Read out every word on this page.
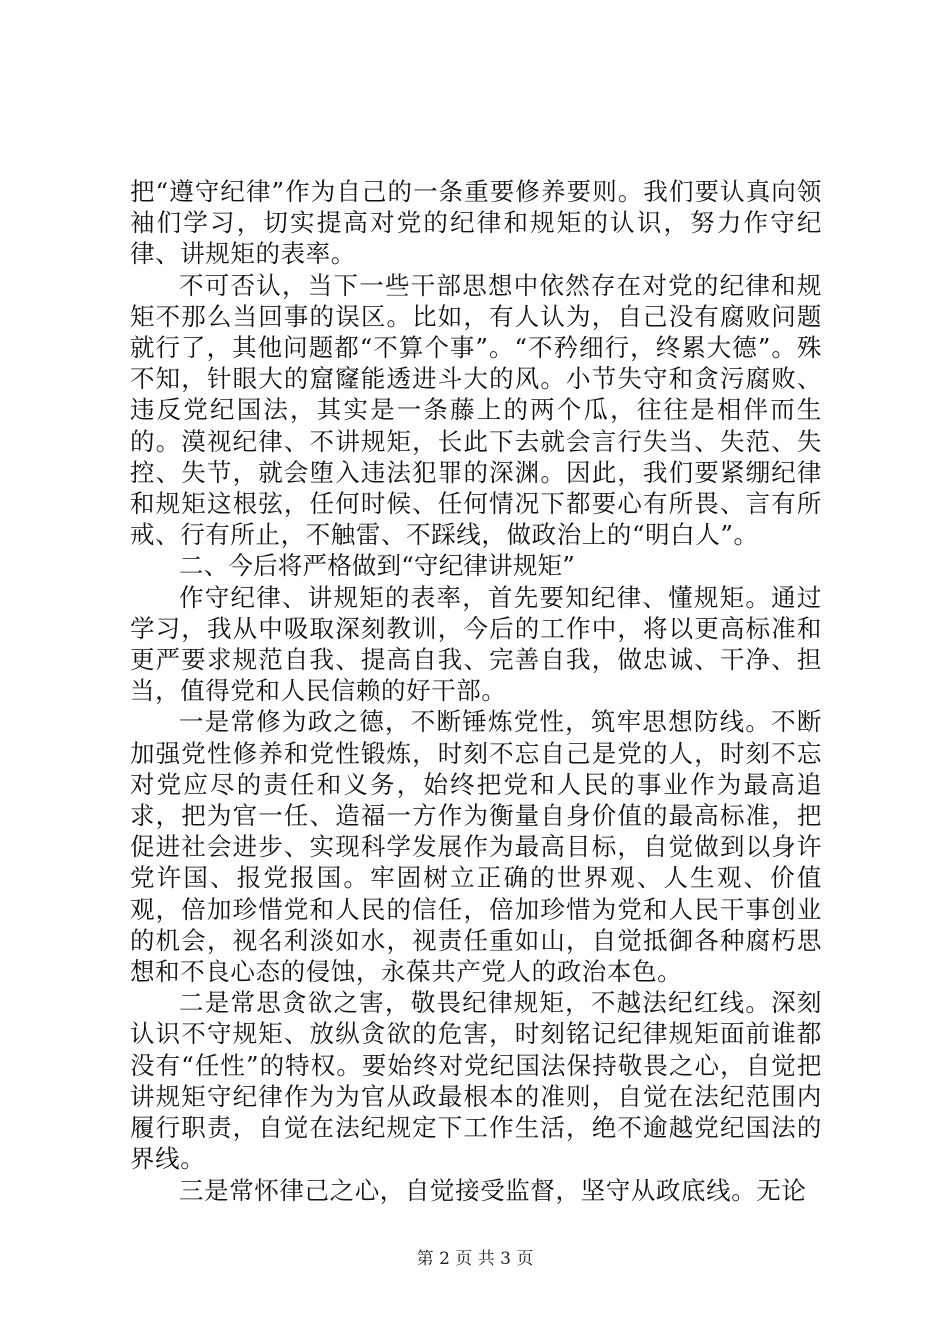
把“遵守纪律”作为自己的一条重要修养要则。我们要认真向领袖们学习，切实提高对党的纪律和规矩的认识，努力作守纪律、讲规矩的表率。

不可否认，当下一些干部思想中依然存在对党的纪律和规矩不那么当回事的误区。比如，有人认为，自己没有腐败问题就行了，其他问题都“不算个事”。“不矜细行，终累大德”。殊不知，针眼大的窟窿能透进斗大的风。小节失守和贪污腐败、违反党纪国法，其实是一条藤上的两个瓜，往往是相伴而生的。漠视纪律、不讲规矩，长此下去就会言行失当、失范、失控、失节，就会堕入违法犯罪的深渊。因此，我们要紧绷纪律和规矩这根弦，任何时候、任何情况下都要心有所畏、言有所戒、行有所止，不触雷、不踩线，做政治上的“明白人”。

二、今后将严格做到“守纪律讲规矩”

作守纪律、讲规矩的表率，首先要知纪律、懂规矩。通过学习，我从中吸取深刻教训，今后的工作中，将以更高标准和更严要求规范自我、提高自我、完善自我，做忠诚、干净、担当，值得党和人民信赖的好干部。

一是常修为政之德，不断锤炼党性，筑牢思想防线。不断加强党性修养和党性锻炼，时刻不忘自己是党的人，时刻不忘对党应尽的责任和义务，始终把党和人民的事业作为最高追求，把为官一任、造福一方作为衡量自身价值的最高标准，把促进社会进步、实现科学发展作为最高目标，自觉做到以身许党许国、报党报国。牢固树立正确的世界观、人生观、价值观，倍加珍惜党和人民的信任，倍加珍惜为党和人民干事创业的机会，视名利淡如水，视责任重如山，自觉抵御各种腐朽思想和不良心态的侵蚀，永葆共产党人的政治本色。

二是常思贪欲之害，敬畏纪律规矩，不越法纪红线。深刻认识不守规矩、放纵贪欲的危害，时刻铭记纪律规矩面前谁都没有“任性”的特权。要始终对党纪国法保持敬畏之心，自觉把讲规矩守纪律作为为官从政最根本的准则，自觉在法纪范围内履行职责，自觉在法纪规定下工作生活，绝不逾越党纪国法的界线。

三是常怀律己之心，自觉接受监督，坚守从政底线。无论

第 2 页 共 3 页
